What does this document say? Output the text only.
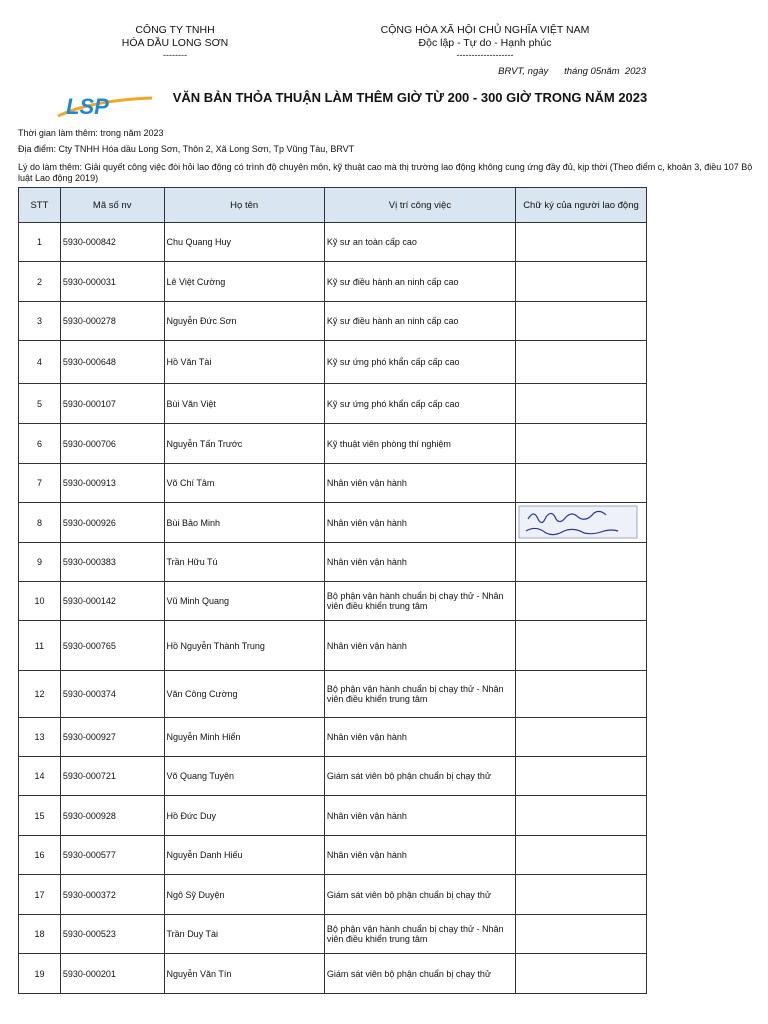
CÔNG TY TNHH
HÓA DẦU LONG SƠN
--------
CỘNG HÒA XÃ HỘI CHỦ NGHĨA VIỆT NAM
Độc lập - Tự do - Hạnh phúc
-------------------
BRVT, ngày      tháng 05năm  2023
LSP	VĂN BẢN THỎA THUẬN LÀM THÊM GIỜ TỪ 200 - 300 GIỜ TRONG NĂM 2023
Thời gian làm thêm: trong năm 2023
Địa điểm: Cty TNHH Hóa dầu Long Sơn, Thôn 2, Xã Long Sơn, Tp Vũng Tàu, BRVT
Lý do làm thêm: Giải quyết công việc đòi hỏi lao động có trình độ chuyên môn, kỹ thuật cao mà thị trường lao động không cung ứng đầy đủ, kịp thời (Theo điểm c, khoản 3, điều 107 Bộ luật Lao động 2019)
STT	Mã số nv	Họ tên	Vị trí công việc	Chữ ký của người lao động
1	5930-000842	Chu Quang Huy	Kỹ sư an toàn cấp cao	
2	5930-000031	Lê Việt Cường	Kỹ sư điều hành an ninh cấp cao	
3	5930-000278	Nguyễn Đức Sơn	Kỹ sư điều hành an ninh cấp cao	
4	5930-000648	Hồ Văn Tài	Kỹ sư ứng phó khẩn cấp cấp cao	
5	5930-000107	Bùi Văn Việt	Kỹ sư ứng phó khẩn cấp cấp cao	
6	5930-000706	Nguyễn Tấn Trước	Kỹ thuật viên phòng thí nghiệm	
7	5930-000913	Võ Chí Tâm	Nhân viên vận hành	
8	5930-000926	Bùi Bảo Minh	Nhân viên vận hành	
9	5930-000383	Trần Hữu Tú	Nhân viên vận hành	
10	5930-000142	Vũ Minh Quang	Bộ phận vận hành chuẩn bị chạy thử - Nhân viên điều khiển trung tâm	
11	5930-000765	Hồ Nguyễn Thành Trung	Nhân viên vận hành	
12	5930-000374	Văn Công Cường	Bộ phận vận hành chuẩn bị chạy thử - Nhân viên điều khiển trung tâm	
13	5930-000927	Nguyễn Minh Hiển	Nhân viên vận hành	
14	5930-000721	Võ Quang Tuyên	Giám sát viên bộ phận chuẩn bị chạy thử	
15	5930-000928	Hồ Đức Duy	Nhân viên vận hành	
16	5930-000577	Nguyễn Danh Hiếu	Nhân viên vận hành	
17	5930-000372	Ngô Sỹ Duyện	Giám sát viên bộ phận chuẩn bị chạy thử	
18	5930-000523	Trần Duy Tài	Bộ phận vận hành chuẩn bị chạy thử - Nhân viên điều khiển trung tâm	
19	5930-000201	Nguyễn Văn Tín	Giám sát viên bộ phận chuẩn bị chạy thử	
